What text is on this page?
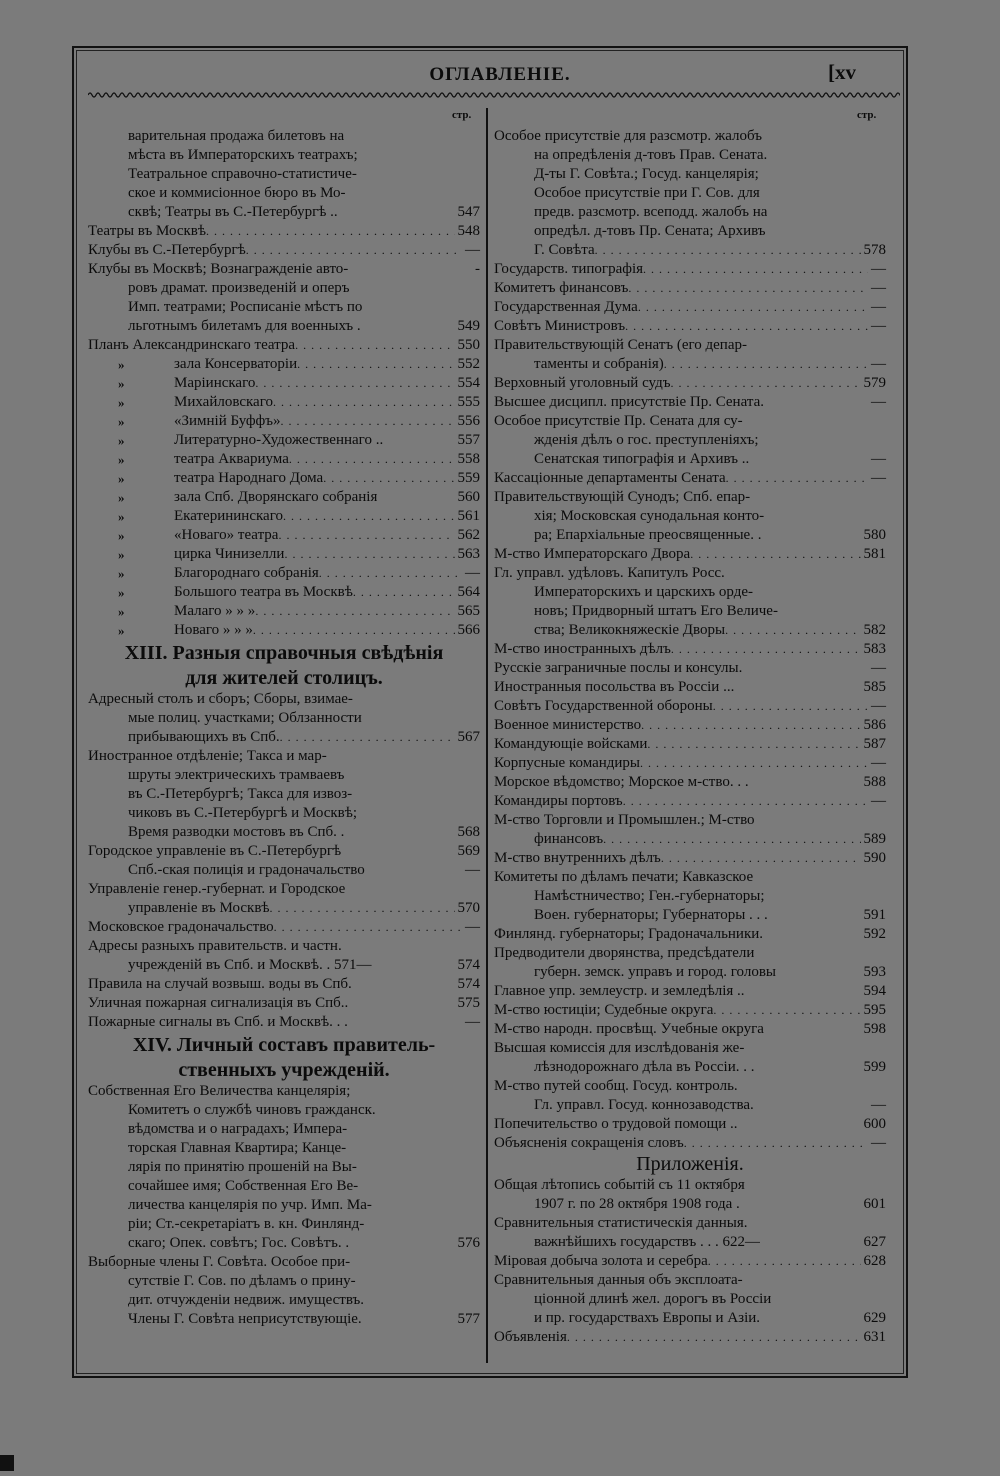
ОГЛАВЛЕНІЕ.	[xv
стр.	стр.
варительная продажа билетовъ на
мѣста въ Императорскихъ театрахъ;
Театральное справочно-статистиче-
ское и коммисіонное бюро въ Мо-
сквѣ; Театры въ С.-Петербургѣ ..	547
Театры въ Москвѣ . . .	548
Клубы въ С.-Петербургѣ . . .	—
Клубы въ Москвѣ; Вознагражденіе авто-	-
ровъ драмат. произведеній и оперъ
Имп. театрами; Росписаніе мѣстъ по
льготнымъ билетамъ для военныхъ .	549
Планъ Александринскаго театра . . .	550
»	зала Консерваторіи . . .	552
»	Маріинскаго . . .	554
»	Михайловскаго . . .	555
»	«Зимній Буффъ» . . .	556
»	Литературно-Художественнаго ..	557
»	театра Аквариума . . .	558
»	театра Народнаго Дома . . .	559
»	зала Спб. Дворянскаго собранія	560
»	Екатерининскаго . . .	561
»	«Новаго» театра . . .	562
»	цирка Чинизелли . . .	563
»	Благороднаго собранія . . .	—
»	Большого театра въ Москвѣ . . .	564
»	Малаго » » » . . .	565
»	Новаго » » » . . .	566
XIII. Разныя справочныя свѣдѣнія
для жителей столицъ.
Адресный столъ и сборъ; Сборы, взимае-
мые полиц. участками; Облзанности
прибывающихъ въ Спб. . . .	567
Иностранное отдѣленіе; Такса и мар-
шруты электрическихъ трамваевъ
въ С.-Петербургѣ; Такса для извоз-
чиковъ въ С.-Петербургѣ и Москвѣ;
Время разводки мостовъ въ Спб. .	568
Городское управленіе въ С.-Петербургѣ	569
Спб.-ская полиція и градоначальство	—
Управленіе генер.-губернат. и Городское
управленіе въ Москвѣ . . .	570
Московское градоначальство . . .	—
Адресы разныхъ правительств. и частн.
учрежденій въ Спб. и Москвѣ. . 571—	574
Правила на случай возвыш. воды въ Спб.	574
Уличная пожарная сигнализація въ Спб..	575
Пожарные сигналы въ Спб. и Москвѣ. . .	—
XIV. Личный составъ правитель-
ственныхъ учрежденій.
Собственная Его Величества канцелярія;
Комитетъ о службѣ чиновъ гражданск.
вѣдомства и о наградахъ; Импера-
торская Главная Квартира; Канце-
лярія по принятію прошеній на Вы-
сочайшее имя; Собственная Его Ве-
личества канцелярія по учр. Имп. Ма-
ріи; Ст.-секретаріатъ в. кн. Финлянд-
скаго; Опек. совѣтъ; Гос. Совѣтъ. .	576
Выборные члены Г. Совѣта. Особое при-
сутствіе Г. Сов. по дѣламъ о прину-
дит. отчужденіи недвиж. имуществъ.
Члены Г. Совѣта неприсутствующіе.	577
Особое присутствіе для разсмотр. жалобъ
на опредѣленія д-товъ Прав. Сената.
Д-ты Г. Совѣта.; Госуд. канцелярія;
Особое присутствіе при Г. Сов. для
предв. разсмотр. всеподд. жалобъ на
опредѣл. д-товъ Пр. Сената; Архивъ
Г. Совѣта . . .	578
Государств. типографія . . .	—
Комитетъ финансовъ . . .	—
Государственная Дума . . .	—
Совѣтъ Министровъ . . .	—
Правительствующій Сенатъ (его депар-
таменты и собранія) . . .	—
Верховный уголовный судъ . . .	579
Высшее дисципл. присутствіе Пр. Сената.	—
Особое присутствіе Пр. Сената для су-
жденія дѣлъ о гос. преступленіяхъ;
Сенатская типографія и Архивъ ..	—
Кассаціонные департаменты Сената . . .	—
Правительствующій Сунодъ; Спб. епар-
хія; Московская сунодальная конто-
ра; Епархіальные преосвященные. .	580
М-ство Императорскаго Двора . . .	581
Гл. управл. удѣловъ. Капитулъ Росс.
Императорскихъ и царскихъ орде-
новъ; Придворный штатъ Его Величе-
ства; Великокняжескіе Дворы . . .	582
М-ство иностранныхъ дѣлъ . . .	583
Русскіе заграничные послы и консулы.	—
Иностранныя посольства въ Россіи ...	585
Совѣтъ Государственной обороны . . .	—
Военное министерство . . .	586
Командующіе войсками . . .	587
Корпусные командиры . . .	—
Морское вѣдомство; Морское м-ство. . .	588
Командиры портовъ . . .	—
М-ство Торговли и Промышлен.; М-ство
финансовъ . . .	589
М-ство внутреннихъ дѣлъ . . .	590
Комитеты по дѣламъ печати; Кавказское
Намѣстничество; Ген.-губернаторы;
Воен. губернаторы; Губернаторы . . .	591
Финлянд. губернаторы; Градоначальники.	592
Предводители дворянства, предсѣдатели
губерн. земск. управъ и город. головы	593
Главное упр. землеустр. и земледѣлія ..	594
М-ство юстиціи; Судебные округа . . .	595
М-ство народн. просвѣщ. Учебные округа	598
Высшая комиссія для изслѣдованія же-
лѣзнодорожнаго дѣла въ Россіи. . .	599
М-ство путей сообщ. Госуд. контроль.
Гл. управл. Госуд. коннозаводства.	—
Попечительство о трудовой помощи ..	600
Объясненія сокращенія словъ . . .	—
Приложенія.
Общая лѣтопись событій съ 11 октября
1907 г. по 28 октября 1908 года .	601
Сравнительныя статистическія данныя.
важнѣйшихъ государствъ . . . 622—	627
Міровая добыча золота и серебра . . .	628
Сравнительныя данныя объ эксплоата-
ціонной длинѣ жел. дорогъ въ Россіи
и пр. государствахъ Европы и Азіи.	629
Объявленія . . .	631
